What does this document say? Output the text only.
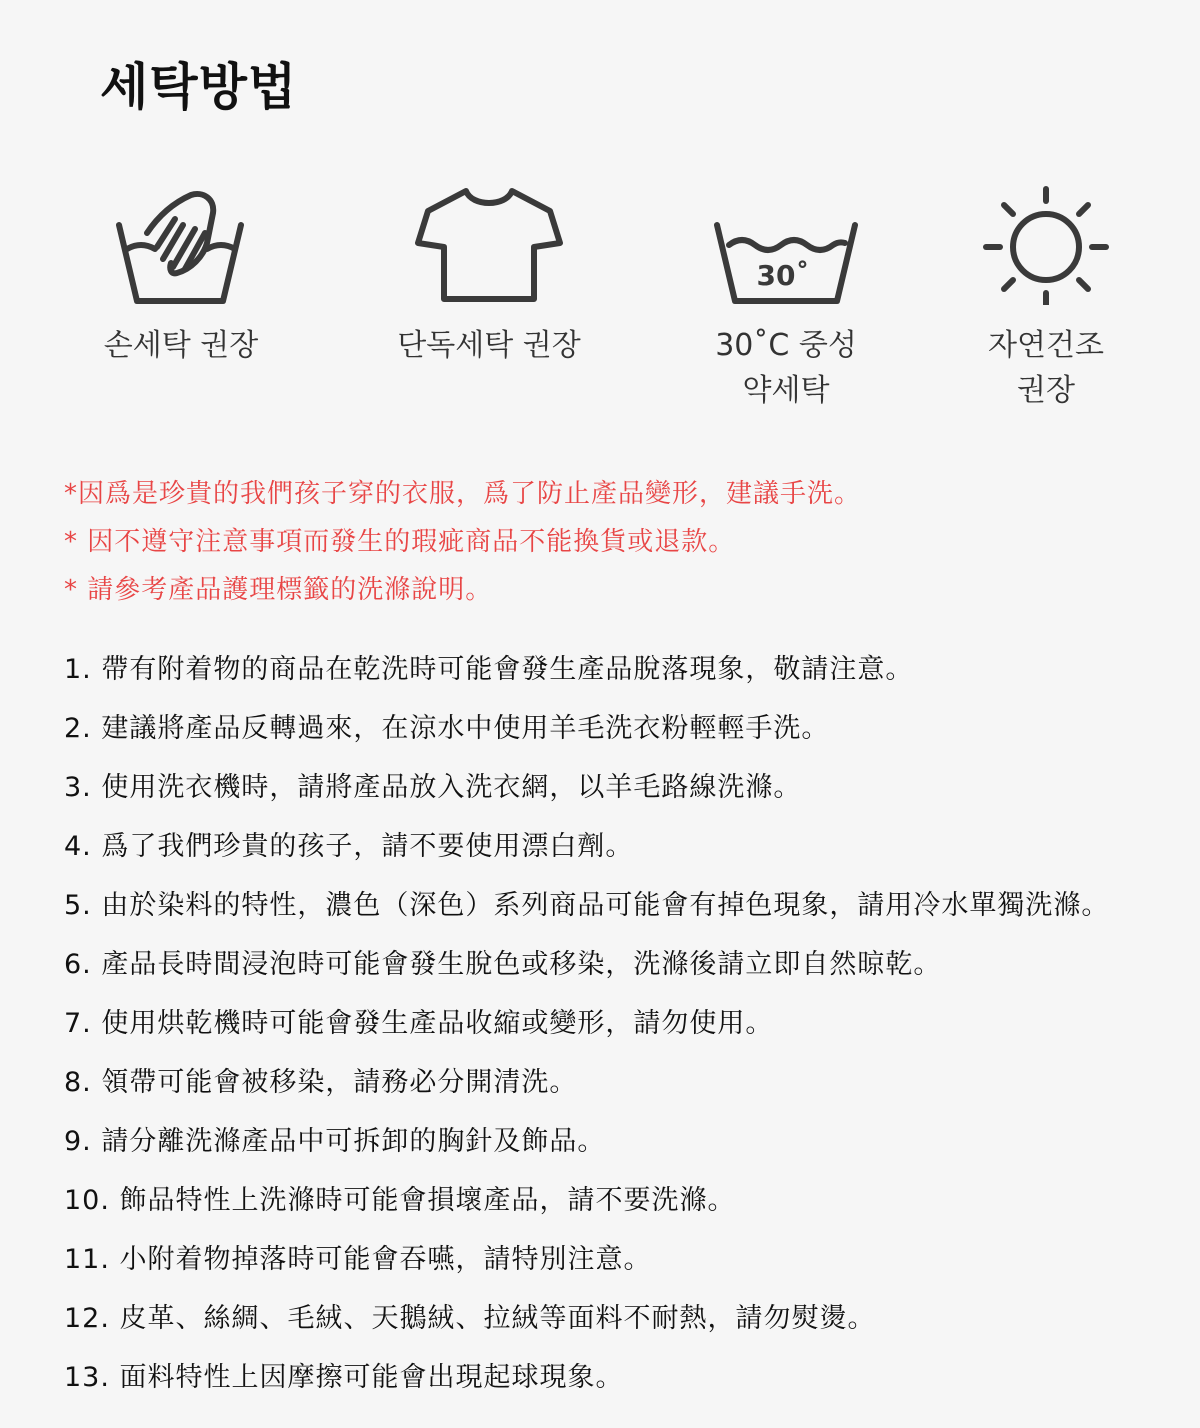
세탁방법
손세탁 권장	단독세탁 권장
30˚
30˚C 중성
약세탁
자연건조
권장
*因爲是珍貴的我們孩子穿的衣服，爲了防止產品變形，建議手洗。
* 因不遵守注意事項而發生的瑕疵商品不能換貨或退款。
* 請參考產品護理標籤的洗滌說明。
1. 帶有附着物的商品在乾洗時可能會發生產品脫落現象，敬請注意。
2. 建議將產品反轉過來，在涼水中使用羊毛洗衣粉輕輕手洗。
3. 使用洗衣機時，請將產品放入洗衣網，以羊毛路線洗滌。
4. 爲了我們珍貴的孩子，請不要使用漂白劑。
5. 由於染料的特性，濃色（深色）系列商品可能會有掉色現象，請用冷水單獨洗滌。
6. 產品長時間浸泡時可能會發生脫色或移染，洗滌後請立即自然晾乾。
7. 使用烘乾機時可能會發生產品收縮或變形，請勿使用。
8. 領帶可能會被移染，請務必分開清洗。
9. 請分離洗滌產品中可拆卸的胸針及飾品。
10. 飾品特性上洗滌時可能會損壞產品，請不要洗滌。
11. 小附着物掉落時可能會吞嚥，請特別注意。
12. 皮革、絲綢、毛絨、天鵝絨、拉絨等面料不耐熱，請勿熨燙。
13. 面料特性上因摩擦可能會出現起球現象。
